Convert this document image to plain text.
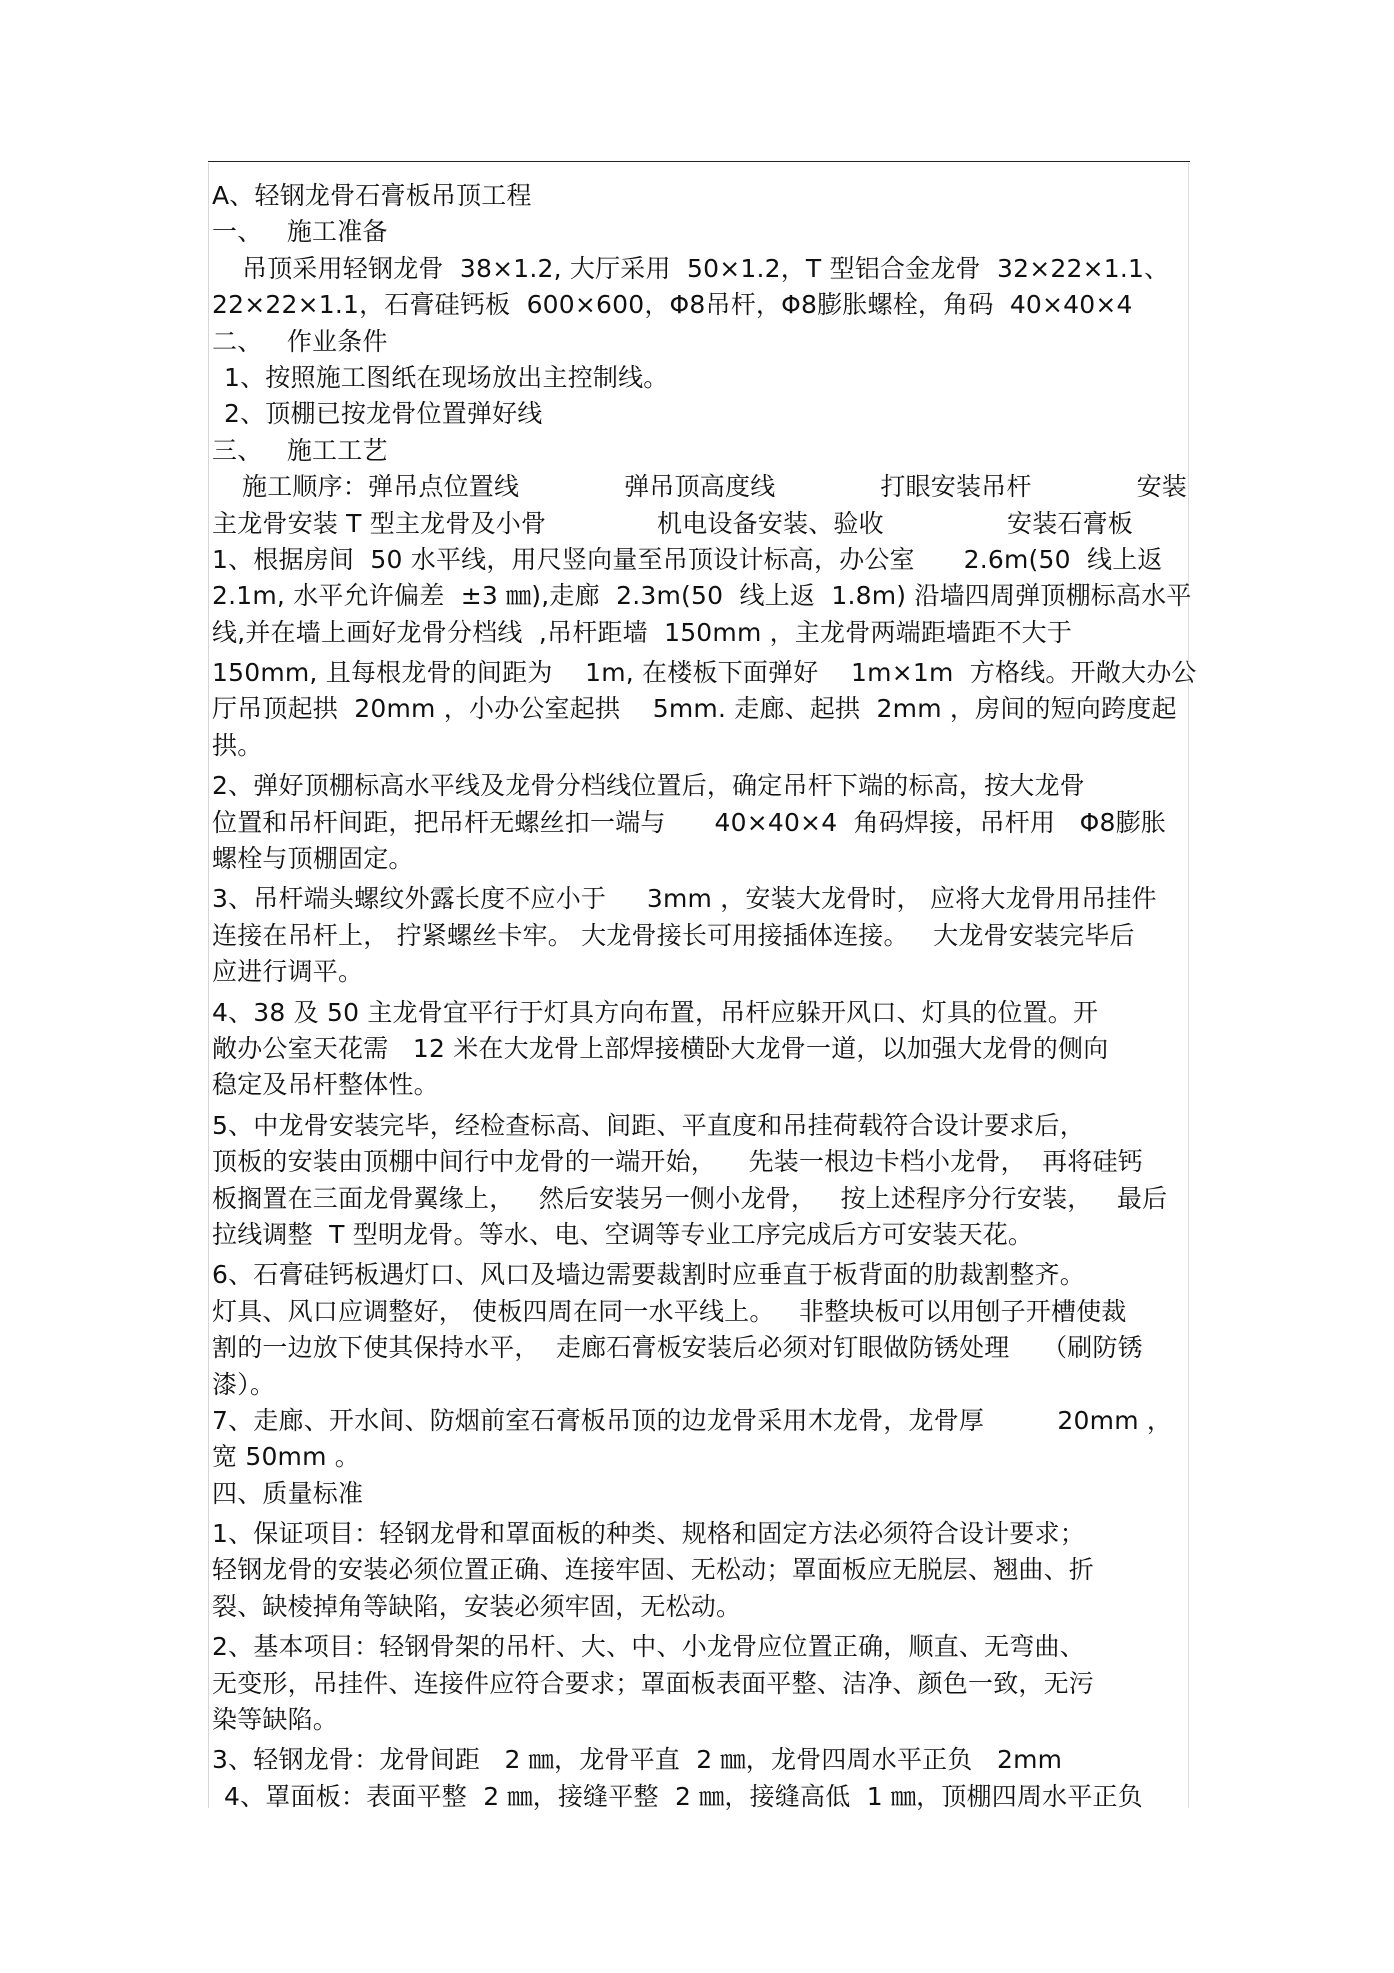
A、轻钢龙骨石膏板吊顶工程
一、   施工准备
吊顶采用轻钢龙骨  38×1.2, 大厅采用  50×1.2，T 型铝合金龙骨  32×22×1.1、
22×22×1.1，石膏硅钙板  600×600，Φ8吊杆，Φ8膨胀螺栓，角码  40×40×4
二、   作业条件
1、按照施工图纸在现场放出主控制线。
2、顶棚已按龙骨位置弹好线
三、   施工工艺
施工顺序：弹吊点位置线	弹吊顶高度线	打眼安装吊杆	安装
主龙骨安装 T 型主龙骨及小骨	机电设备安装、验收	安装石膏板
1、根据房间  50 水平线，用尺竖向量至吊顶设计标高，办公室      2.6m(50  线上返
2.1m, 水平允许偏差  ±3 ㎜),走廊  2.3m(50  线上返  1.8m) 沿墙四周弹顶棚标高水平
线,并在墙上画好龙骨分档线  ,吊杆距墙  150mm ，主龙骨两端距墙距不大于
150mm, 且每根龙骨的间距为    1m, 在楼板下面弹好    1m×1m  方格线。开敞大办公
厅吊顶起拱  20mm ，小办公室起拱    5mm. 走廊、起拱  2mm ，房间的短向跨度起
拱。
2、弹好顶棚标高水平线及龙骨分档线位置后，确定吊杆下端的标高，按大龙骨
位置和吊杆间距，把吊杆无螺丝扣一端与      40×40×4  角码焊接，吊杆用   Φ8膨胀
螺栓与顶棚固定。
3、吊杆端头螺纹外露长度不应小于     3mm ，安装大龙骨时， 应将大龙骨用吊挂件
连接在吊杆上， 拧紧螺丝卡牢。 大龙骨接长可用接插体连接。   大龙骨安装完毕后
应进行调平。
4、38 及 50 主龙骨宜平行于灯具方向布置，吊杆应躲开风口、灯具的位置。开
敞办公室天花需   12 米在大龙骨上部焊接横卧大龙骨一道，以加强大龙骨的侧向
稳定及吊杆整体性。
5、中龙骨安装完毕，经检查标高、间距、平直度和吊挂荷载符合设计要求后，
顶板的安装由顶棚中间行中龙骨的一端开始，    先装一根边卡档小龙骨，  再将硅钙
板搁置在三面龙骨翼缘上，   然后安装另一侧小龙骨，   按上述程序分行安装，   最后
拉线调整  T 型明龙骨。等水、电、空调等专业工序完成后方可安装天花。
6、石膏硅钙板遇灯口、风口及墙边需要裁割时应垂直于板背面的肋裁割整齐。
灯具、风口应调整好， 使板四周在同一水平线上。   非整块板可以用刨子开槽使裁
割的一边放下使其保持水平，  走廊石膏板安装后必须对钉眼做防锈处理    （刷防锈
漆）。
7、走廊、开水间、防烟前室石膏板吊顶的边龙骨采用木龙骨，龙骨厚         20mm ，
宽 50mm 。
四、质量标准
1、保证项目：轻钢龙骨和罩面板的种类、规格和固定方法必须符合设计要求；
轻钢龙骨的安装必须位置正确、连接牢固、无松动；罩面板应无脱层、翘曲、折
裂、缺棱掉角等缺陷，安装必须牢固，无松动。
2、基本项目：轻钢骨架的吊杆、大、中、小龙骨应位置正确，顺直、无弯曲、
无变形，吊挂件、连接件应符合要求；罩面板表面平整、洁净、颜色一致，无污
染等缺陷。
3、轻钢龙骨：龙骨间距   2 ㎜，龙骨平直  2 ㎜，龙骨四周水平正负   2mm
4、罩面板：表面平整  2 ㎜，接缝平整  2 ㎜，接缝高低  1 ㎜，顶棚四周水平正负
